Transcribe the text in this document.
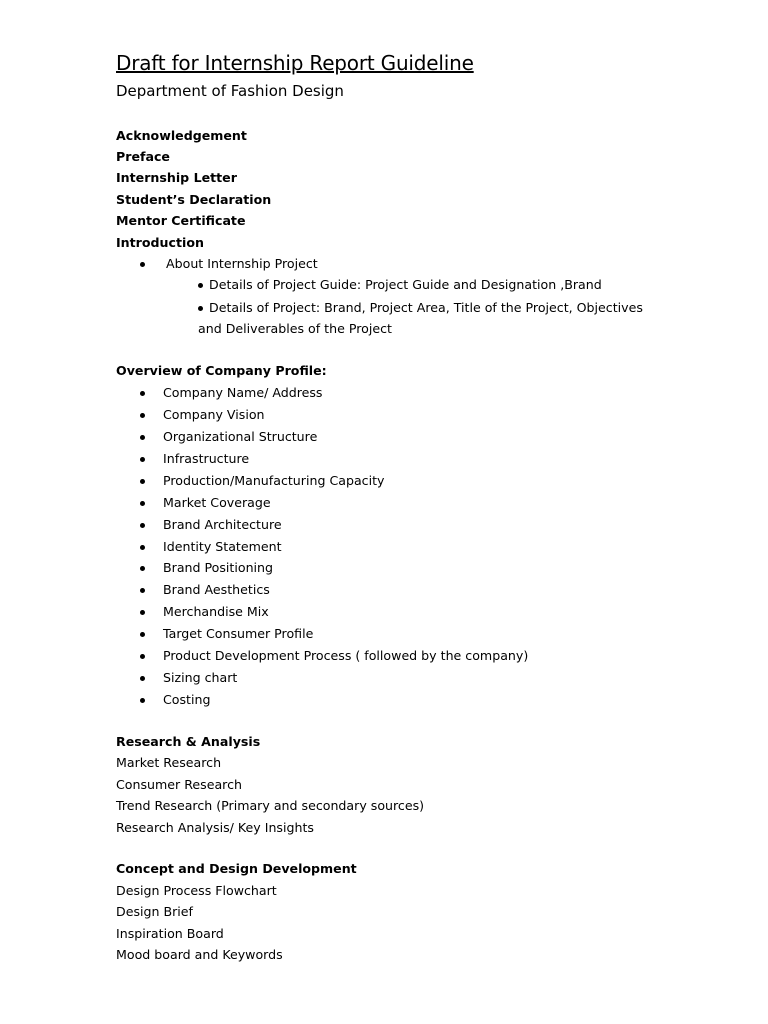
Draft for Internship Report Guideline
Department of Fashion Design
Acknowledgement
Preface
Internship Letter
Student’s Declaration
Mentor Certificate
Introduction
About Internship Project
Details of Project Guide: Project Guide and Designation ,Brand
Details of Project: Brand, Project Area, Title of the Project, Objectives
and Deliverables of the Project
Overview of Company Profile:
Company Name/ Address
Company Vision
Organizational Structure
Infrastructure
Production/Manufacturing Capacity
Market Coverage
Brand Architecture
Identity Statement
Brand Positioning
Brand Aesthetics
Merchandise Mix
Target Consumer Profile
Product Development Process ( followed by the company)
Sizing chart
Costing
Research & Analysis
Market Research
Consumer Research
Trend Research (Primary and secondary sources)
Research Analysis/ Key Insights
Concept and Design Development
Design Process Flowchart
Design Brief
Inspiration Board
Mood board and Keywords
